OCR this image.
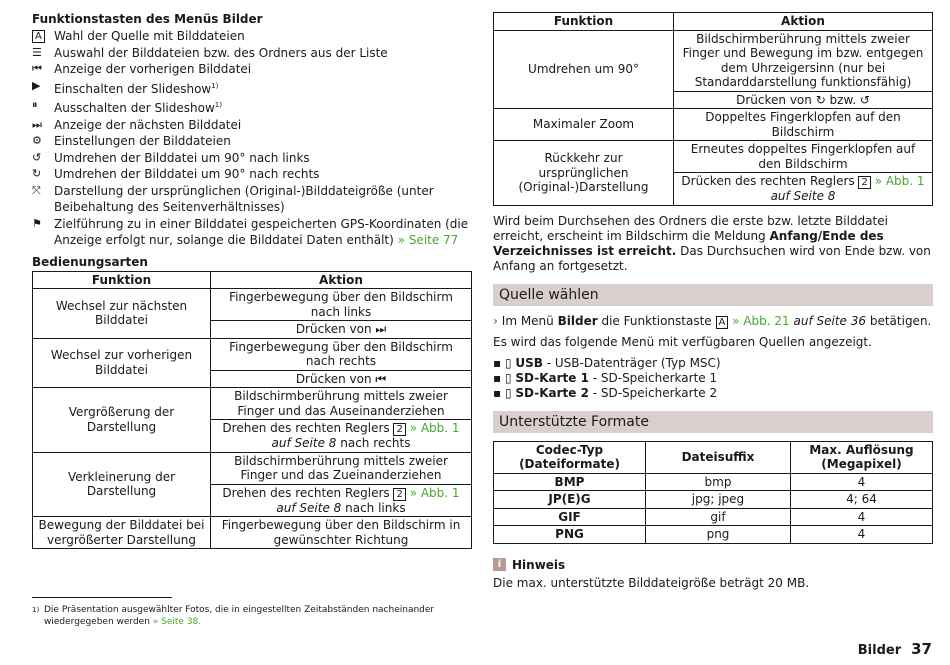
Funktionstasten des Menüs Bilder
A Wahl der Quelle mit Bilddateien
☰	Auswahl der Bilddateien bzw. des Ordners aus der Liste
⏮	Anzeige der vorherigen Bilddatei
▶	Einschalten der Slideshow$^{1)}$
⏸	Ausschalten der Slideshow$^{1)}$
⏭	Anzeige der nächsten Bilddatei
⚙	Einstellungen der Bilddateien
↺	Umdrehen der Bilddatei um 90° nach links
↻	Umdrehen der Bilddatei um 90° nach rechts
⤧	Darstellung der ursprünglichen (Original-)Bilddateigröße (unter Beibehaltung des Seitenverhältnisses)
⚑	Zielführung zu in einer Bilddatei gespeicherten GPS-Koordinaten (die Anzeige erfolgt nur, solange die Bilddatei Daten enthält) » Seite 77
Bedienungsarten
Funktion	Aktion
Wechsel zur nächsten Bilddatei	Fingerbewegung über den Bildschirm nach links
	Drücken von ⏭
Wechsel zur vorherigen Bilddatei	Fingerbewegung über den Bildschirm nach rechts
	Drücken von ⏮
Vergrößerung der Darstellung	Bildschirmberührung mittels zweier Finger und das Auseinanderziehen
	Drehen des rechten Reglers 2 » Abb. 1 auf Seite 8 nach rechts
Verkleinerung der Darstellung	Bildschirmberührung mittels zweier Finger und das Zueinanderziehen
	Drehen des rechten Reglers 2 » Abb. 1 auf Seite 8 nach links
Bewegung der Bilddatei bei vergrößerter Darstellung	Fingerbewegung über den Bildschirm in gewünschter Richtung
1) Die Präsentation ausgewählter Fotos, die in eingestellten Zeitabständen nacheinander wiedergegeben werden » Seite 38.
Funktion	Aktion
Umdrehen um 90°	Bildschirmberührung mittels zweier Finger und Bewegung im bzw. entgegen dem Uhrzeigersinn (nur bei Standarddarstellung funktionsfähig)
	Drücken von ↻ bzw. ↺
Maximaler Zoom	Doppeltes Fingerklopfen auf den Bildschirm
Rückkehr zur ursprünglichen (Original-)Darstellung	Erneutes doppeltes Fingerklopfen auf den Bildschirm
	Drücken des rechten Reglers 2 » Abb. 1 auf Seite 8

Wird beim Durchsehen des Ordners die erste bzw. letzte Bilddatei erreicht, erscheint im Bildschirm die Meldung Anfang/Ende des Verzeichnisses ist erreicht. Das Durchsuchen wird von Ende bzw. von Anfang an fortgesetzt.

Quelle wählen

› Im Menü Bilder die Funktionstaste A » Abb. 21 auf Seite 36 betätigen.

Es wird das folgende Menü mit verfügbaren Quellen angezeigt.

▪ ▯ USB - USB-Datenträger (Typ MSC)
▪ ▯ SD-Karte 1 - SD-Speicherkarte 1
▪ ▯ SD-Karte 2 - SD-Speicherkarte 2
Unterstützte Formate
Codec-Typ (Dateiformate)	Dateisuffix	Max. Auflösung (Megapixel)
BMP	bmp	4
JP(E)G	jpg; jpeg	4; 64
GIF	gif	4
PNG	png	4
i Hinweis

Die max. unterstützte Bilddateigröße beträgt 20 MB.

Bilder 37
